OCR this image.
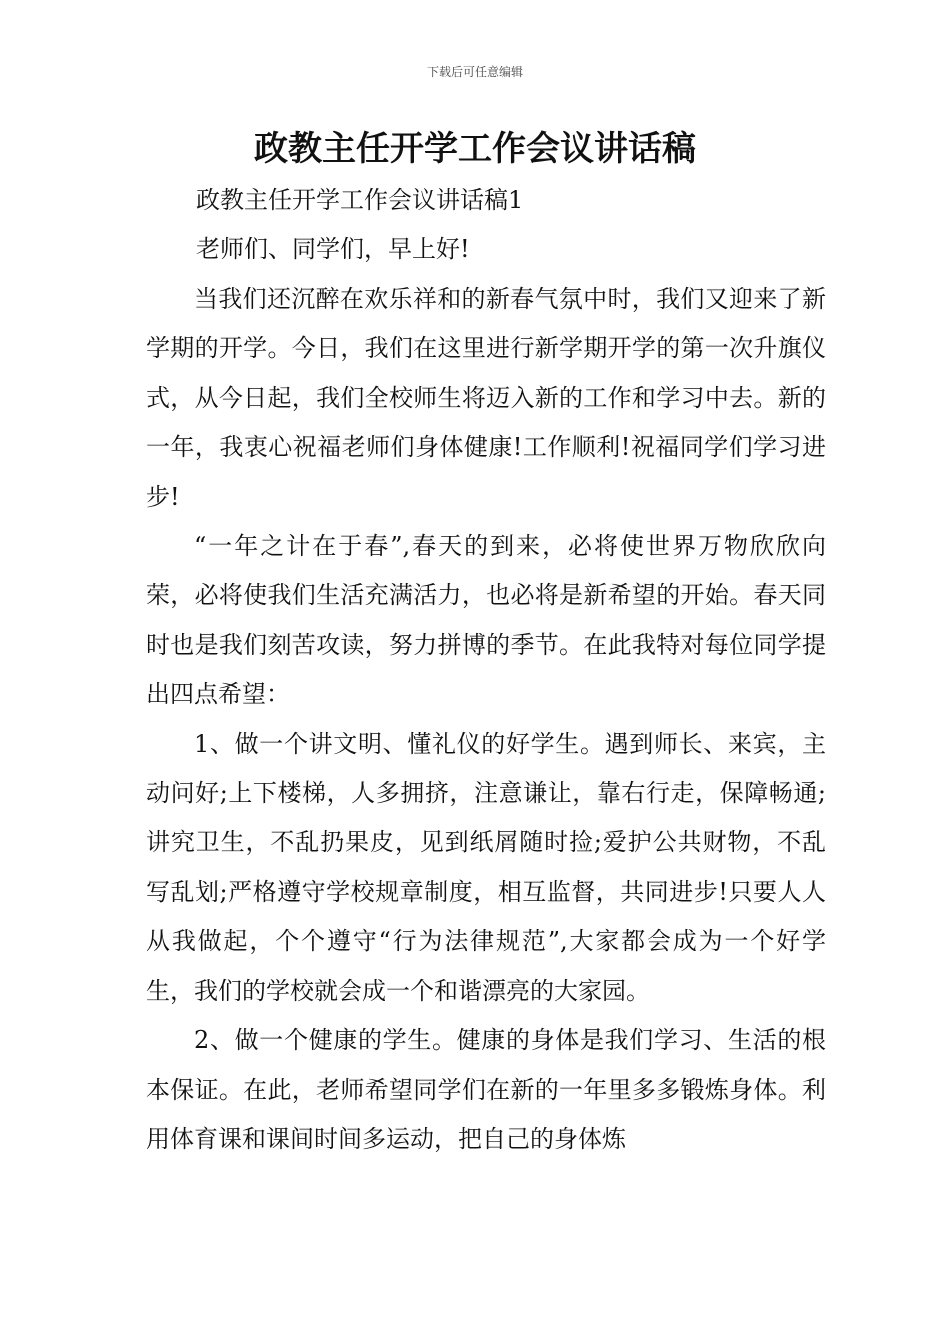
下载后可任意编辑
政教主任开学工作会议讲话稿

政教主任开学工作会议讲话稿1

老师们、同学们，早上好!

当我们还沉醉在欢乐祥和的新春气氛中时，我们又迎来了新学期的开学。今日，我们在这里进行新学期开学的第一次升旗仪式，从今日起，我们全校师生将迈入新的工作和学习中去。新的一年，我衷心祝福老师们身体健康!工作顺利!祝福同学们学习进步!

“一年之计在于春”,春天的到来，必将使世界万物欣欣向荣，必将使我们生活充满活力，也必将是新希望的开始。春天同时也是我们刻苦攻读，努力拼博的季节。在此我特对每位同学提出四点希望：

1、做一个讲文明、懂礼仪的好学生。遇到师长、来宾，主动问好;上下楼梯，人多拥挤，注意谦让，靠右行走，保障畅通;讲究卫生，不乱扔果皮，见到纸屑随时捡;爱护公共财物，不乱写乱划;严格遵守学校规章制度，相互监督，共同进步!只要人人从我做起，个个遵守“行为法律规范”,大家都会成为一个好学生，我们的学校就会成一个和谐漂亮的大家园。

2、做一个健康的学生。健康的身体是我们学习、生活的根本保证。在此，老师希望同学们在新的一年里多多锻炼身体。利用体育课和课间时间多运动，把自己的身体炼
